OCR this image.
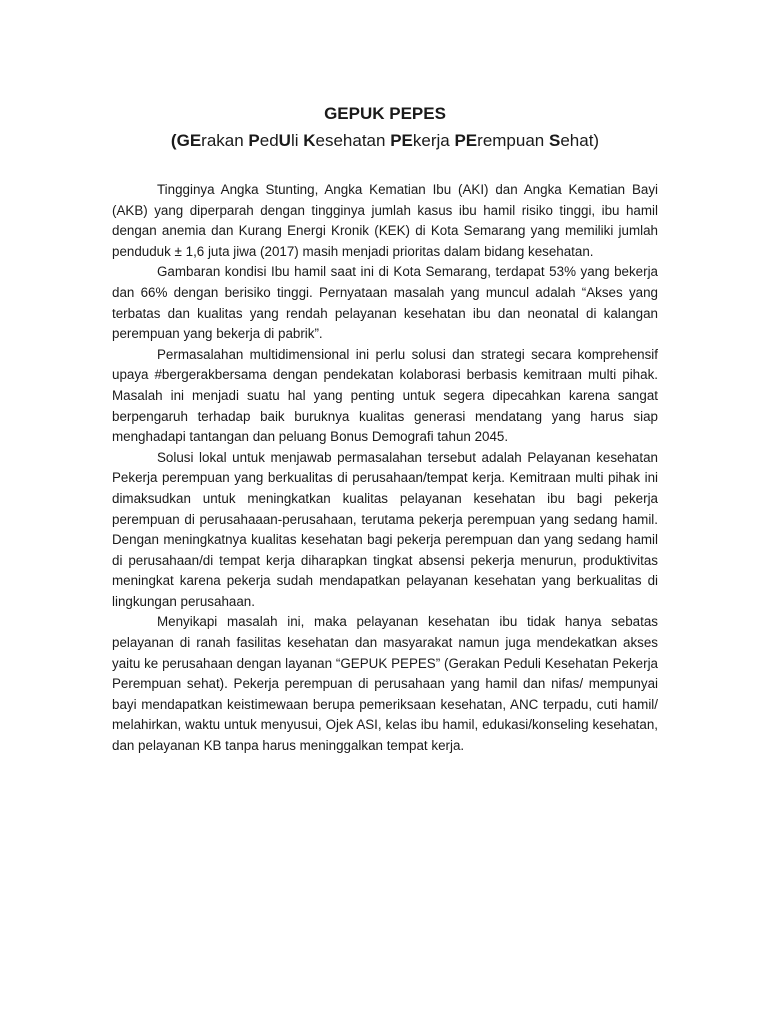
GEPUK PEPES
(GErakan PedUli Kesehatan PEkerja PErempuan Sehat)

Tingginya Angka Stunting, Angka Kematian Ibu (AKI) dan Angka Kematian Bayi (AKB) yang diperparah dengan tingginya jumlah kasus ibu hamil risiko tinggi, ibu hamil dengan anemia dan Kurang Energi Kronik (KEK) di Kota Semarang yang memiliki jumlah penduduk ± 1,6 juta jiwa (2017) masih menjadi prioritas dalam bidang kesehatan.

Gambaran kondisi Ibu hamil saat ini di Kota Semarang, terdapat 53% yang bekerja dan 66% dengan berisiko tinggi. Pernyataan masalah yang muncul adalah “Akses yang terbatas dan kualitas yang rendah pelayanan kesehatan ibu dan neonatal di kalangan perempuan yang bekerja di pabrik”.

Permasalahan multidimensional ini perlu solusi dan strategi secara komprehensif upaya #bergerakbersama dengan pendekatan kolaborasi berbasis kemitraan multi pihak. Masalah ini menjadi suatu hal yang penting untuk segera dipecahkan karena sangat berpengaruh terhadap baik buruknya kualitas generasi mendatang yang harus siap menghadapi tantangan dan peluang Bonus Demografi tahun 2045.

Solusi lokal untuk menjawab permasalahan tersebut adalah Pelayanan kesehatan Pekerja perempuan yang berkualitas di perusahaan/tempat kerja. Kemitraan multi pihak ini dimaksudkan untuk meningkatkan kualitas pelayanan kesehatan ibu bagi pekerja perempuan di perusahaaan-perusahaan, terutama pekerja perempuan yang sedang hamil. Dengan meningkatnya kualitas kesehatan bagi pekerja perempuan dan yang sedang hamil di perusahaan/di tempat kerja diharapkan tingkat absensi pekerja menurun, produktivitas meningkat karena pekerja sudah mendapatkan pelayanan kesehatan yang berkualitas di lingkungan perusahaan.

Menyikapi masalah ini, maka pelayanan kesehatan ibu tidak hanya sebatas pelayanan di ranah fasilitas kesehatan dan masyarakat namun juga mendekatkan akses yaitu ke perusahaan dengan layanan “GEPUK PEPES” (Gerakan Peduli Kesehatan Pekerja Perempuan sehat). Pekerja perempuan di perusahaan yang hamil dan nifas/ mempunyai bayi mendapatkan keistimewaan berupa pemeriksaan kesehatan, ANC terpadu, cuti hamil/ melahirkan, waktu untuk menyusui, Ojek ASI, kelas ibu hamil, edukasi/konseling kesehatan, dan pelayanan KB tanpa harus meninggalkan tempat kerja.
